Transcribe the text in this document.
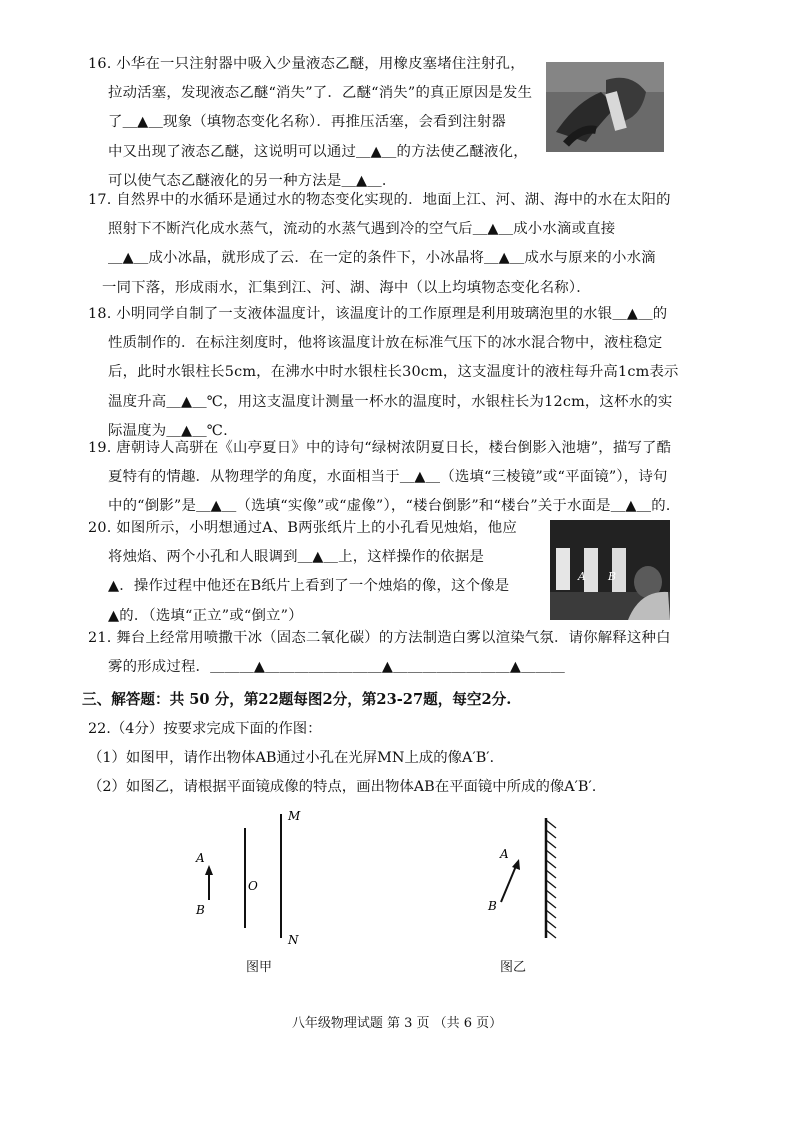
16. 小华在一只注射器中吸入少量液态乙醚，用橡皮塞堵住注射孔，
拉动活塞，发现液态乙醚“消失”了．乙醚“消失”的真正原因是发生
了＿▲＿现象（填物态变化名称）．再推压活塞，会看到注射器
中又出现了液态乙醚，这说明可以通过＿▲＿的方法使乙醚液化，
可以使气态乙醚液化的另一种方法是＿▲＿．
17. 自然界中的水循环是通过水的物态变化实现的．地面上江、河、湖、海中的水在太阳的
照射下不断汽化成水蒸气，流动的水蒸气遇到冷的空气后＿▲＿成小水滴或直接
＿▲＿成小冰晶，就形成了云．在一定的条件下，小冰晶将＿▲＿成水与原来的小水滴
一同下落，形成雨水，汇集到江、河、湖、海中（以上均填物态变化名称）．
18. 小明同学自制了一支液体温度计，该温度计的工作原理是利用玻璃泡里的水银＿▲＿的
性质制作的．在标注刻度时，他将该温度计放在标准气压下的冰水混合物中，液柱稳定
后，此时水银柱长5cm，在沸水中时水银柱长30cm，这支温度计的液柱每升高1cm表示
温度升高＿▲＿℃，用这支温度计测量一杯水的温度时，水银柱长为12cm，这杯水的实
际温度为＿▲＿℃.
19. 唐朝诗人高骈在《山亭夏日》中的诗句“绿树浓阴夏日长，楼台倒影入池塘”，描写了酷
夏特有的情趣．从物理学的角度，水面相当于＿▲＿（选填“三棱镜”或“平面镜”），诗句
中的“倒影”是＿▲＿（选填“实像”或“虚像”），“楼台倒影”和“楼台”关于水面是＿▲＿的.
20. 如图所示，小明想通过A、B两张纸片上的小孔看见烛焰，他应
将烛焰、两个小孔和人眼调到＿▲＿上，这样操作的依据是
▲．操作过程中他还在B纸片上看到了一个烛焰的像，这个像是
▲的．（选填“正立”或“倒立”）
A B
21. 舞台上经常用喷撒干冰（固态二氧化碳）的方法制造白雾以渲染气氛．请你解释这种白
雾的形成过程．＿＿＿▲＿＿＿＿＿＿＿＿▲＿＿＿＿＿＿＿＿▲＿＿＿
三、解答题：共 50 分，第22题每图2分，第23-27题，每空2分.
22.（4分）按要求完成下面的作图：
（1）如图甲，请作出物体AB通过小孔在光屏MN上成的像A′B′.
（2）如图乙，请根据平面镜成像的特点，画出物体AB在平面镜中所成的像A′B′.
A
B
O
M
N
图甲
A
B
图乙
八年级物理试题 第 3 页 （共 6 页）
